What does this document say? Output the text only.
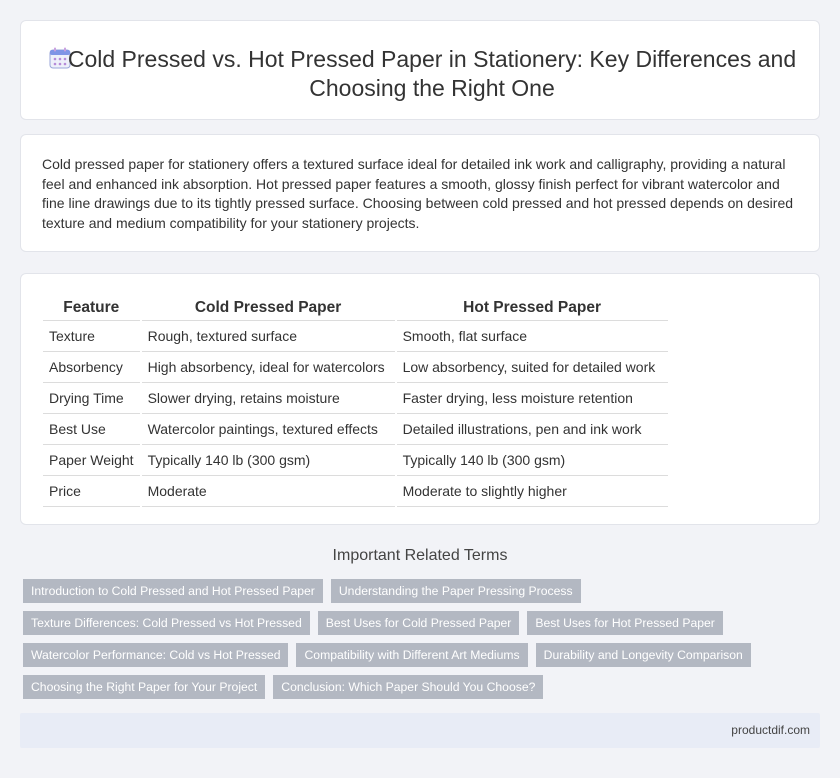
Cold Pressed vs. Hot Pressed Paper in Stationery: Key Differences and Choosing the Right One

Cold pressed paper for stationery offers a textured surface ideal for detailed ink work and calligraphy, providing a natural feel and enhanced ink absorption. Hot pressed paper features a smooth, glossy finish perfect for vibrant watercolor and fine line drawings due to its tightly pressed surface. Choosing between cold pressed and hot pressed depends on desired texture and medium compatibility for your stationery projects.

Feature	Cold Pressed Paper	Hot Pressed Paper
Texture	Rough, textured surface	Smooth, flat surface
Absorbency	High absorbency, ideal for watercolors	Low absorbency, suited for detailed work
Drying Time	Slower drying, retains moisture	Faster drying, less moisture retention
Best Use	Watercolor paintings, textured effects	Detailed illustrations, pen and ink work
Paper Weight	Typically 140 lb (300 gsm)	Typically 140 lb (300 gsm)
Price	Moderate	Moderate to slightly higher
Important Related Terms
Introduction to Cold Pressed and Hot Pressed Paper	Understanding the Paper Pressing Process
Texture Differences: Cold Pressed vs Hot Pressed	Best Uses for Cold Pressed Paper	Best Uses for Hot Pressed Paper
Watercolor Performance: Cold vs Hot Pressed	Compatibility with Different Art Mediums	Durability and Longevity Comparison
Choosing the Right Paper for Your Project	Conclusion: Which Paper Should You Choose?
productdif.com
